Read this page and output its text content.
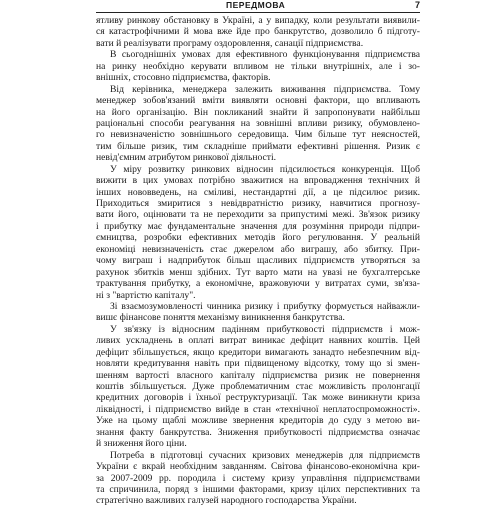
ПЕРЕДМОВА	7
ятливу ринкову обстановку в Україні, а у випадку, коли результати виявили-
ся катастрофічними й мова вже йде про банкрутство, дозволило б підготу-
вати й реалізувати програму оздоровлення, санації підприємства.
В сьогоднішніх умовах для ефективного функціонування підприємства
на ринку необхідно керувати впливом не тільки внутрішніх, але і зо-
внішніх, стосовно підприємства, факторів.
Від керівника, менеджера залежить виживання підприємства. Тому
менеджер зобов'язаний вміти виявляти основні фактори, що впливають
на його організацію. Він покликаний знайти й запропонувати найбільш
раціональні способи реагування на зовнішні впливи ризику, обумовлено-
го невизначеністю зовнішнього середовища. Чим більше тут неясностей,
тим більше ризик, тим складніше приймати ефективні рішення. Ризик є
невід'ємним атрибутом ринкової діяльності.
У міру розвитку ринкових відносин підсилюється конкуренція. Щоб
вижити в цих умовах потрібно зважитися на впровадження технічних й
інших нововведень, на сміливі, нестандартні дії, а це підсилює ризик.
Приходиться змиритися з невідвратністю ризику, навчитися прогнозу-
вати його, оцінювати та не переходити за припустимі межі. Зв'язок ризику
і прибутку має фундаментальне значення для розуміння природи підпри-
ємництва, розробки ефективних методів його регулювання. У реальній
економіці невизначеність стає джерелом або виграшу, або збитку. При-
чому виграш і надприбуток більш щасливих підприємств утворяться за
рахунок збитків менш здібних. Тут варто мати на увазі не бухгалтерське
трактування прибутку, а економічне, вражовуючи у витратах суми, зв'яза-
ні з "вартістю капіталу".
Зі взаємозумовленості чинника ризику і прибутку формується найважли-
вишє фінансове поняття механізму виникнення банкрутства.
У зв'язку із відносним падінням прибутковості підприємств і мож-
ливих ускладнень в оплаті витрат виникає дефіцит наявних коштів. Цей
дефіцит збільшується, якщо кредитори вимагають занадто небезпечним від-
новляти кредитування навіть при підвищеному відсотку, тому що зі змен-
шенням вартості власного капіталу підприємства ризик не повернення
коштів збільшується. Дуже проблематичним стає можливість пролонгації
кредитних договорів і їхньої реструктуризації. Так може виникнути криза
ліквідності, і підприємство вийде в стан «технічної неплатоспроможності».
Уже на цьому щаблі можливе звернення кредиторів до суду з метою ви-
знання факту банкрутства. Зниження прибутковості підприємства означає
й зниження його ціни.
Потреба в підготовці сучасних кризових менеджерів для підприємств
України є вкрай необхідним завданням. Світова фінансово-економічна кри-
за 2007-2009 рр. породила і систему кризу управління підприємствами
та спричинила, поряд з іншими факторами, кризу цілих перспективних та
стратегічно важливих галузей народного господарства України.
